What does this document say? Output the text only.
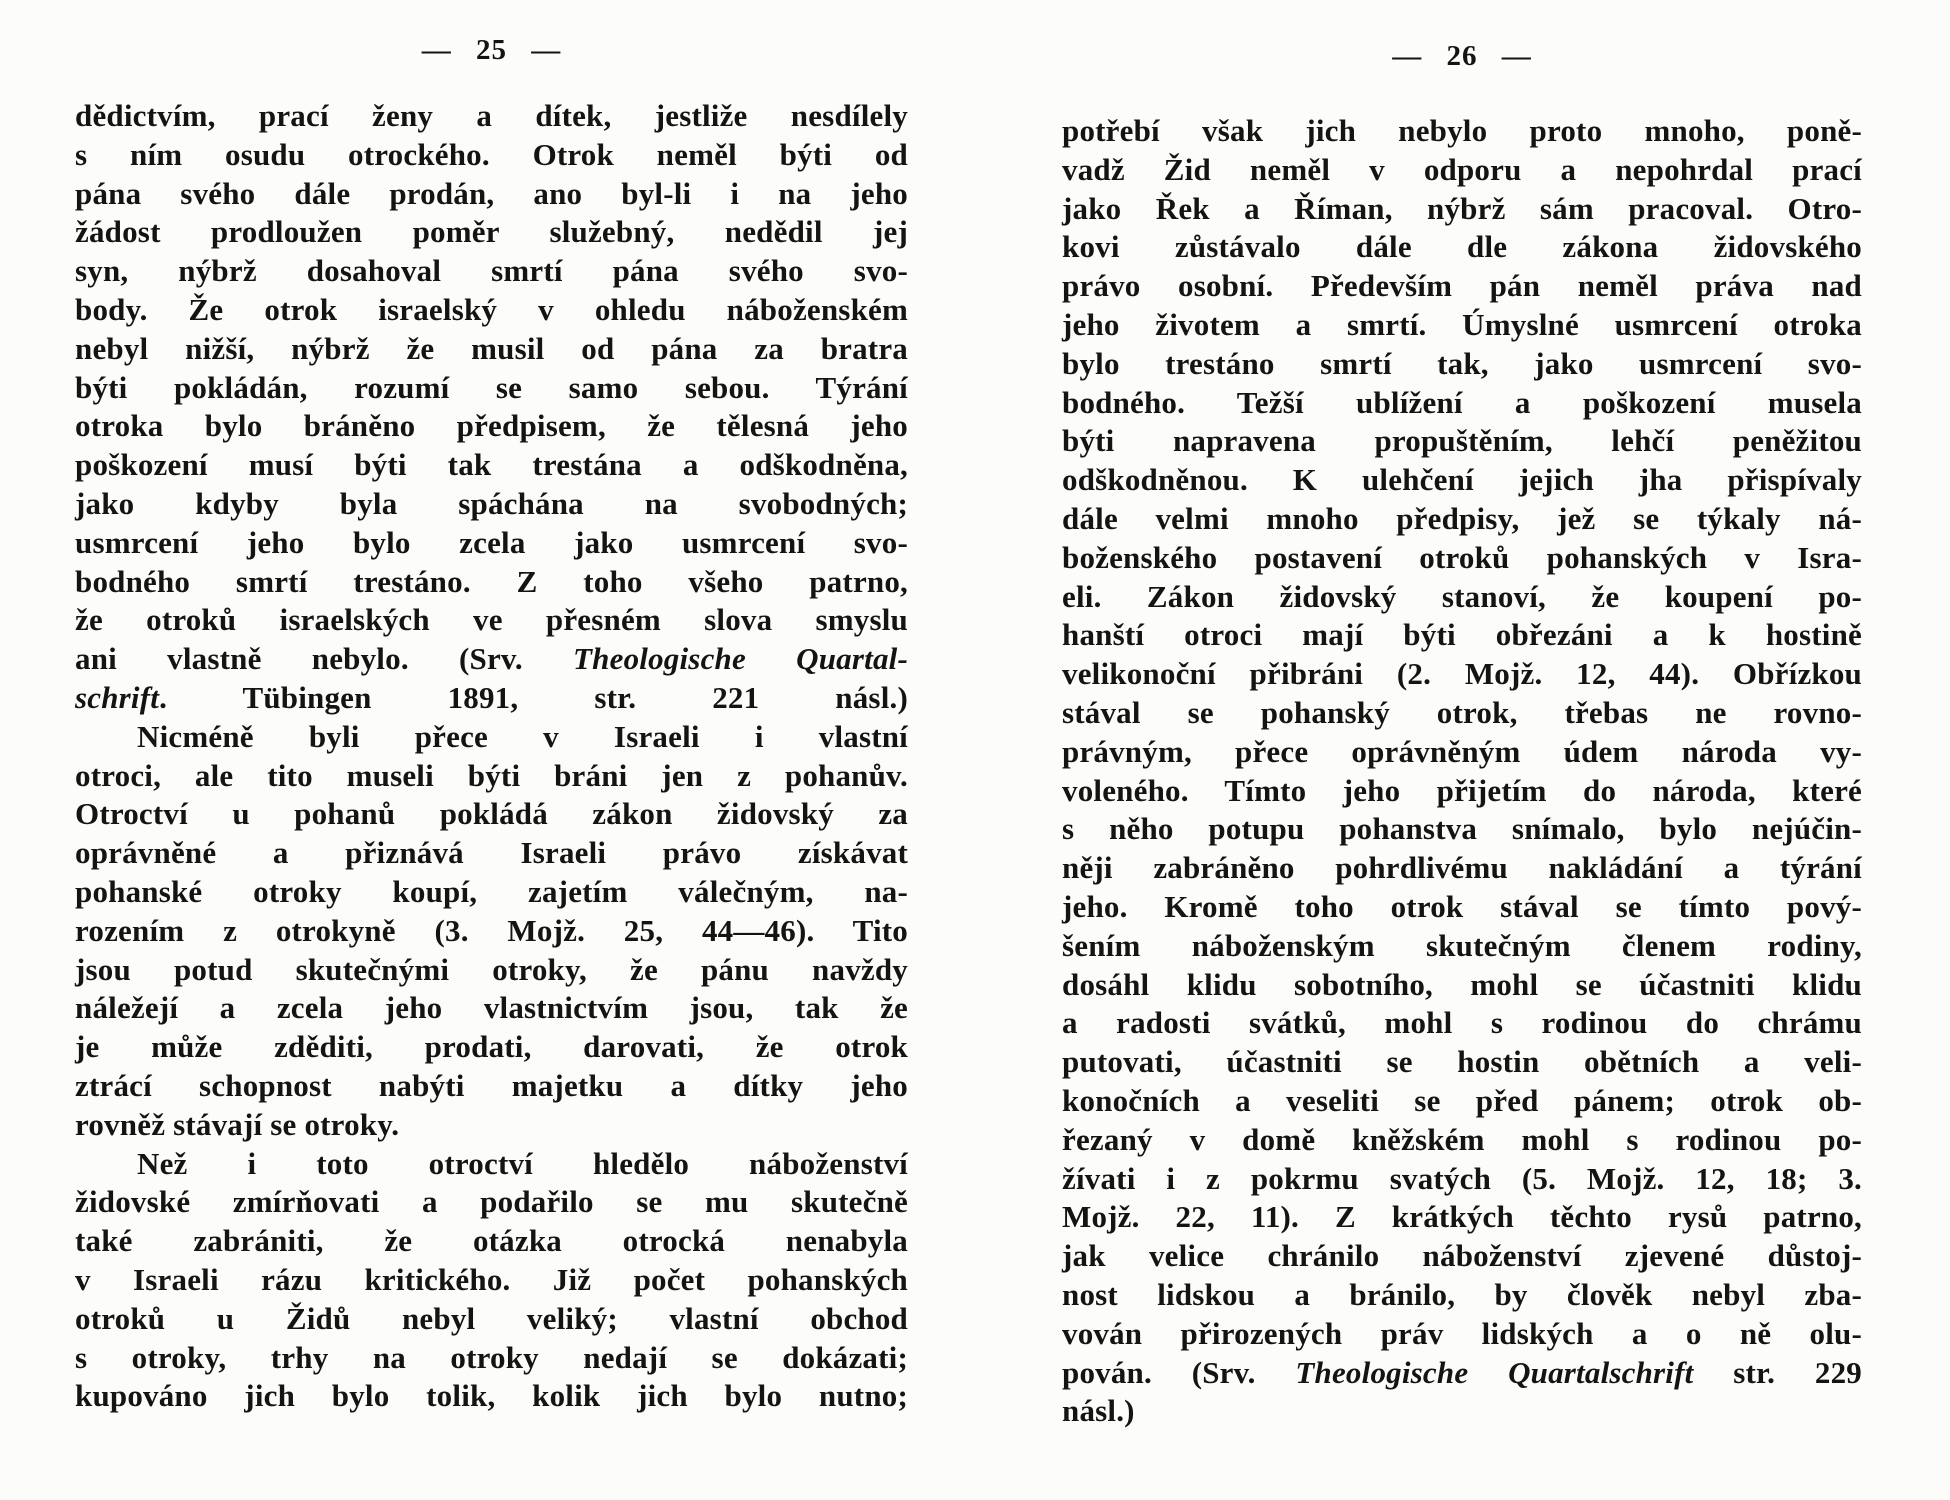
— 25 —
dědictvím, prací ženy a dítek, jestliže nesdílely
s ním osudu otrockého. Otrok neměl býti od
pána svého dále prodán, ano byl-li i na jeho
žádost prodloužen poměr služebný, nedědil jej
syn, nýbrž dosahoval smrtí pána svého svo-
body. Že otrok israelský v ohledu náboženském
nebyl nižší, nýbrž že musil od pána za bratra
býti pokládán, rozumí se samo sebou. Týrání
otroka bylo bráněno předpisem, že tělesná jeho
poškození musí býti tak trestána a odškodněna,
jako kdyby byla spáchána na svobodných;
usmrcení jeho bylo zcela jako usmrcení svo-
bodného smrtí trestáno. Z toho všeho patrno,
že otroků israelských ve přesném slova smyslu
ani vlastně nebylo. (Srv. Theologische Quartal-
schrift. Tübingen 1891, str. 221 násl.)
Nicméně byli přece v Israeli i vlastní
otroci, ale tito museli býti bráni jen z pohanův.
Otroctví u pohanů pokládá zákon židovský za
oprávněné a přiznává Israeli právo získávat
pohanské otroky koupí, zajetím válečným, na-
rozením z otrokyně (3. Mojž. 25, 44—46). Tito
jsou potud skutečnými otroky, že pánu navždy
náležejí a zcela jeho vlastnictvím jsou, tak že
je může zděditi, prodati, darovati, že otrok
ztrácí schopnost nabýti majetku a dítky jeho
rovněž stávají se otroky.
Než i toto otroctví hledělo náboženství
židovské zmírňovati a podařilo se mu skutečně
také zabrániti, že otázka otrocká nenabyla
v Israeli rázu kritického. Již počet pohanských
otroků u Židů nebyl veliký; vlastní obchod
s otroky, trhy na otroky nedají se dokázati;
kupováno jich bylo tolik, kolik jich bylo nutno;
— 26 —
potřebí však jich nebylo proto mnoho, poně-
vadž Žid neměl v odporu a nepohrdal prací
jako Řek a Říman, nýbrž sám pracoval. Otro-
kovi zůstávalo dále dle zákona židovského
právo osobní. Především pán neměl práva nad
jeho životem a smrtí. Úmyslné usmrcení otroka
bylo trestáno smrtí tak, jako usmrcení svo-
bodného. Težší ublížení a poškození musela
býti napravena propuštěním, lehčí peněžitou
odškodněnou. K ulehčení jejich jha přispívaly
dále velmi mnoho předpisy, jež se týkaly ná-
boženského postavení otroků pohanských v Isra-
eli. Zákon židovský stanoví, že koupení po-
hanští otroci mají býti obřezáni a k hostině
velikonoční přibráni (2. Mojž. 12, 44). Obřízkou
stával se pohanský otrok, třebas ne rovno-
právným, přece oprávněným údem národa vy-
voleného. Tímto jeho přijetím do národa, které
s něho potupu pohanstva snímalo, bylo nejúčin-
něji zabráněno pohrdlivému nakládání a týrání
jeho. Kromě toho otrok stával se tímto pový-
šením náboženským skutečným členem rodiny,
dosáhl klidu sobotního, mohl se účastniti klidu
a radosti svátků, mohl s rodinou do chrámu
putovati, účastniti se hostin obětních a veli-
konočních a veseliti se před pánem; otrok ob-
řezaný v domě kněžském mohl s rodinou po-
žívati i z pokrmu svatých (5. Mojž. 12, 18; 3.
Mojž. 22, 11). Z krátkých těchto rysů patrno,
jak velice chránilo náboženství zjevené důstoj-
nost lidskou a bránilo, by člověk nebyl zba-
vován přirozených práv lidských a o ně olu-
pován. (Srv. Theologische Quartalschrift str. 229
násl.)
